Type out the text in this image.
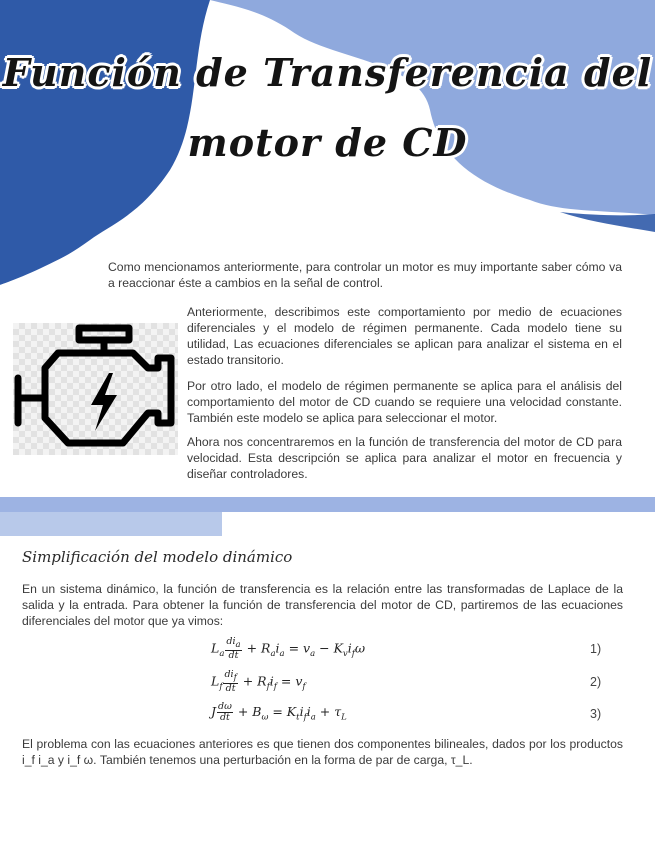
Función de Transferencia del
motor de CD

Como mencionamos anteriormente, para controlar un motor es muy importante saber cómo va a reaccionar éste a cambios en la señal de control.

Anteriormente, describimos este comportamiento por medio de ecuaciones diferenciales y el modelo de régimen permanente. Cada modelo tiene su utilidad, Las ecuaciones diferenciales se aplican para analizar el sistema en el estado transitorio.

Por otro lado, el modelo de régimen permanente se aplica para el análisis del comportamiento del motor de CD cuando se requiere una velocidad constante. También este modelo se aplica para seleccionar el motor.

Ahora nos concentraremos en la función de transferencia del motor de CD para velocidad. Esta descripción se aplica para analizar el motor en frecuencia y diseñar controladores.

Simplificación del modelo dinámico

En un sistema dinámico, la función de transferencia es la relación entre las transformadas de Laplace de la salida y la entrada. Para obtener la función de transferencia del motor de CD, partiremos de las ecuaciones diferenciales del motor que ya vimos:

$L_a \frac{di_a}{dt} + R_ai_a = v_a - K_vi_f\omega$	1)
$L_f \frac{di_f}{dt} + R_fi_f = v_f$	2)
J $\frac{d\omega}{dt} + B_\omega = K_ti_fi_a + \tau_L$	3)

El problema con las ecuaciones anteriores es que tienen dos componentes bilineales, dados por los productos i_f i_a y i_f ω. También tenemos una perturbación en la forma de par de carga, τ_L.
